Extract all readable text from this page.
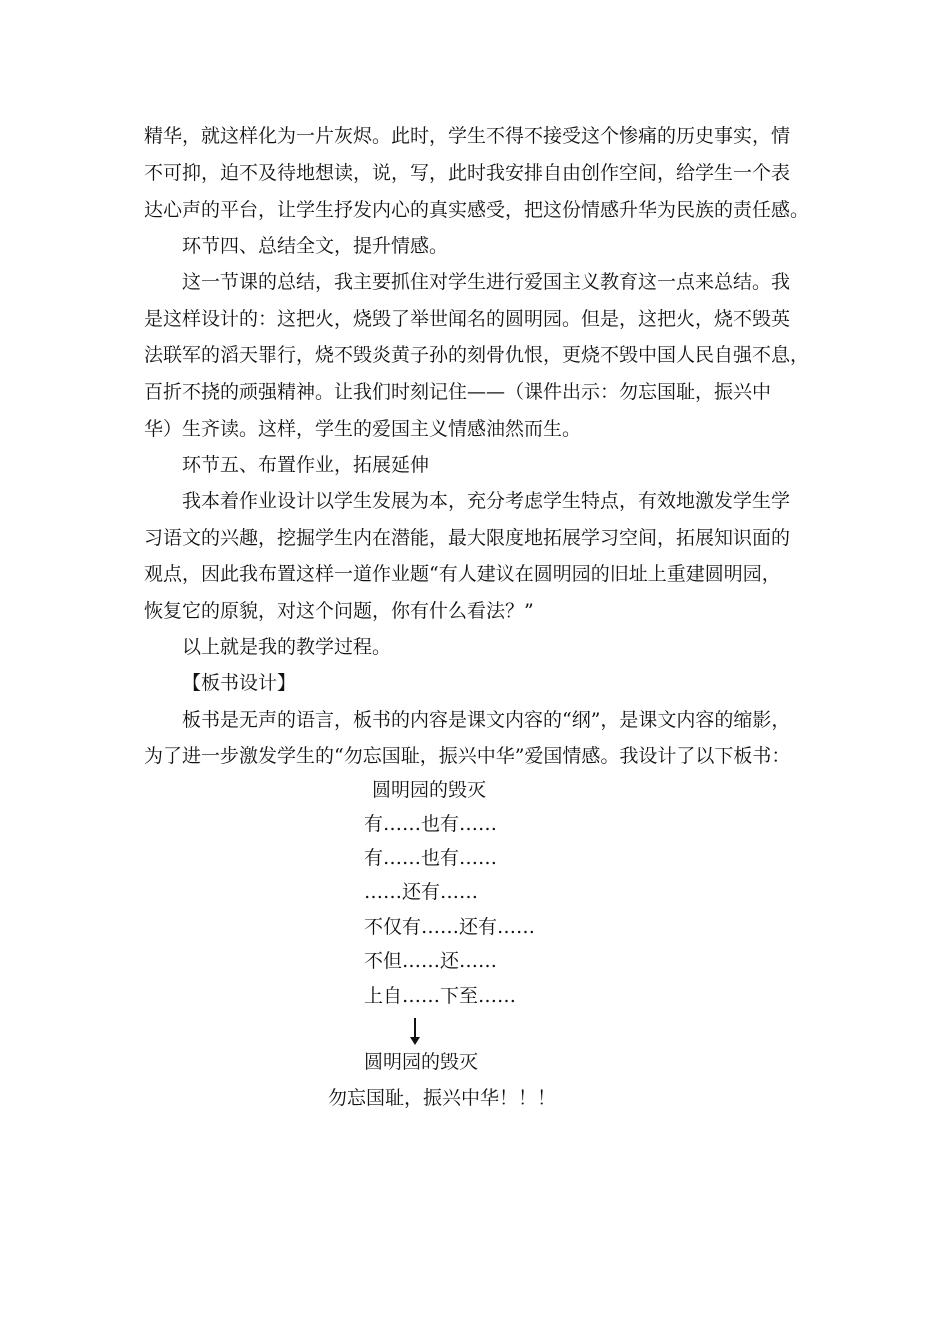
精华，就这样化为一片灰烬。此时，学生不得不接受这个惨痛的历史事实，情
不可抑，迫不及待地想读，说，写，此时我安排自由创作空间，给学生一个表
达心声的平台，让学生抒发内心的真实感受，把这份情感升华为民族的责任感。
环节四、总结全文，提升情感。
这一节课的总结，我主要抓住对学生进行爱国主义教育这一点来总结。我
是这样设计的：这把火，烧毁了举世闻名的圆明园。但是，这把火，烧不毁英
法联军的滔天罪行，烧不毁炎黄子孙的刻骨仇恨，更烧不毁中国人民自强不息，
百折不挠的顽强精神。让我们时刻记住——（课件出示：勿忘国耻，振兴中
华）生齐读。这样，学生的爱国主义情感油然而生。
环节五、布置作业，拓展延伸
我本着作业设计以学生发展为本，充分考虑学生特点，有效地激发学生学
习语文的兴趣，挖掘学生内在潜能，最大限度地拓展学习空间，拓展知识面的
观点，因此我布置这样一道作业题“有人建议在圆明园的旧址上重建圆明园，
恢复它的原貌，对这个问题，你有什么看法？”
以上就是我的教学过程。
【板书设计】
板书是无声的语言，板书的内容是课文内容的“纲”，是课文内容的缩影，
为了进一步激发学生的“勿忘国耻，振兴中华”爱国情感。我设计了以下板书：
圆明园的毁灭
有……也有……
有……也有……
……还有……
不仅有……还有……
不但……还……
上自……下至……
圆明园的毁灭
勿忘国耻，振兴中华！！！
